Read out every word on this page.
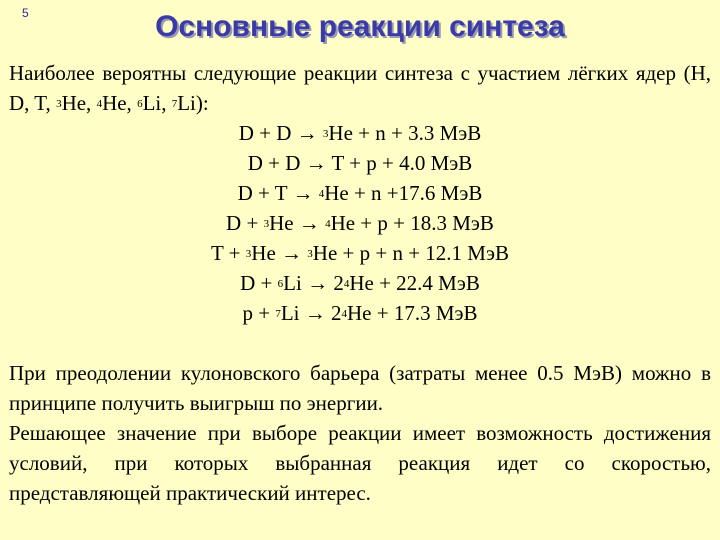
5	Основные реакции синтеза

Наиболее вероятны следующие реакции синтеза с участием лёгких ядер (H, D, T, $^3$He, $^4$He, $^6$Li, $^7$Li):

D + D → $^3$He + n + 3.3 МэВ
D + D → T + p + 4.0 МэВ
D + T → $^4$He + n +17.6 МэВ
D + $^3$He → $^4$He + p + 18.3 МэВ
T + $^3$He → $^3$He + p + n + 12.1 МэВ
$D + ^6Li \to 2^4He + 22.4$ МэВ
$p + ^7Li \to 2^4He + 17.3$ МэВ

При преодолении кулоновского барьера (затраты менее 0.5 МэВ) можно в принципе получить выигрыш по энергии.

Решающее значение при выборе реакции имеет возможность достижения условий, при которых выбранная реакция идет со скоростью, представляющей практический интерес.
